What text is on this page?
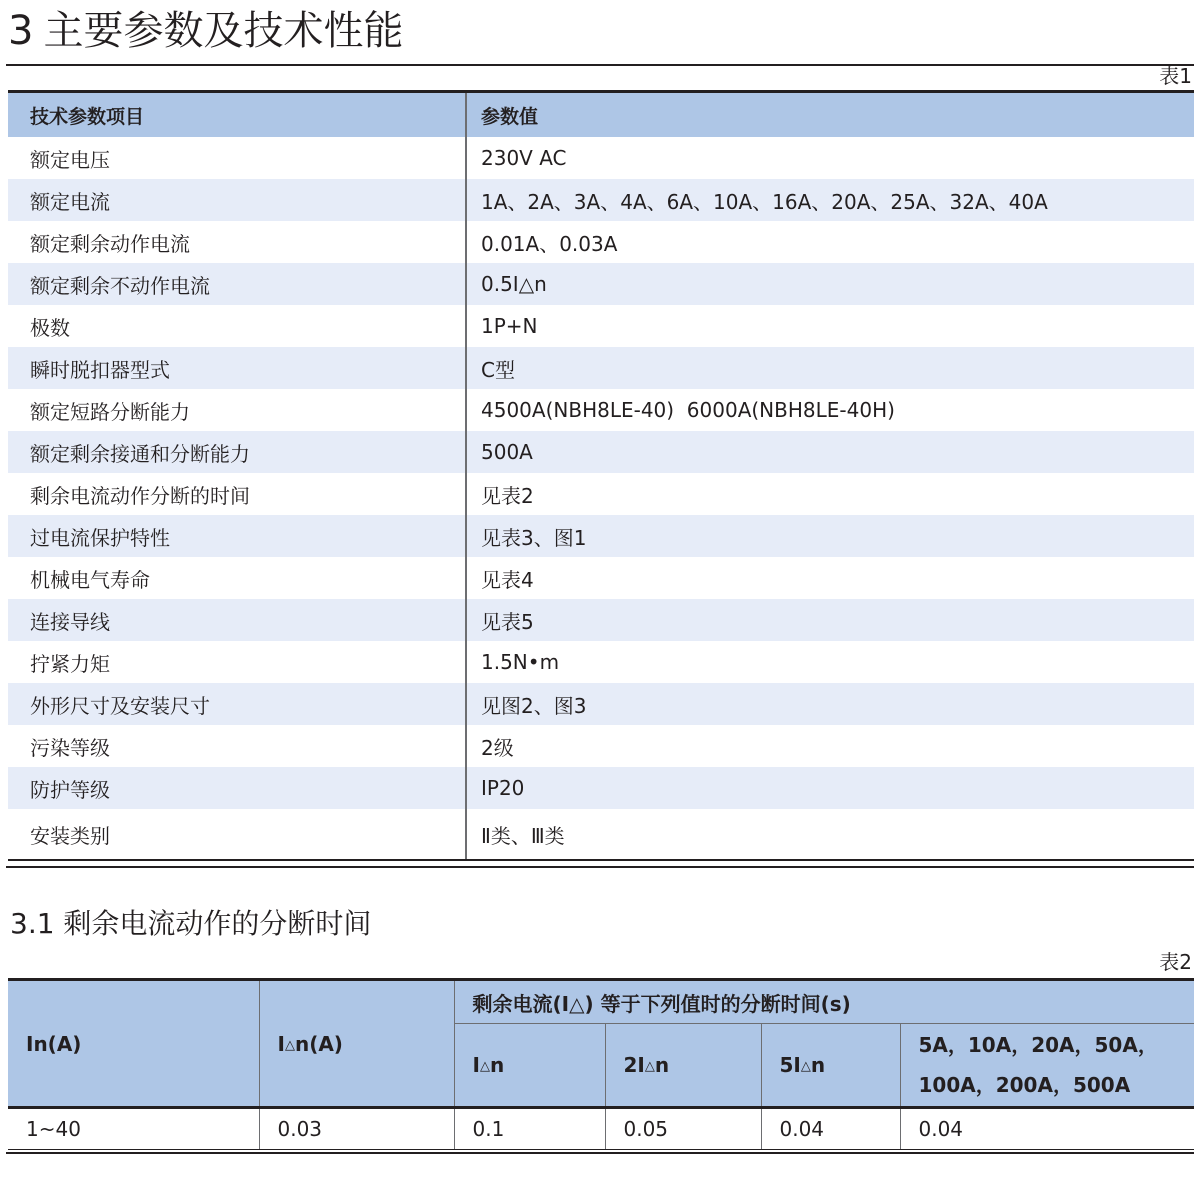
3 主要参数及技术性能
表1
技术参数项目	参数值
额定电压	230V AC
额定电流	1A、2A、3A、4A、6A、10A、16A、20A、25A、32A、40A
额定剩余动作电流	0.01A、0.03A
额定剩余不动作电流	0.5I△n
极数	1P+N
瞬时脱扣器型式	C型
额定短路分断能力	4500A(NBH8LE-40)  6000A(NBH8LE-40H)
额定剩余接通和分断能力	500A
剩余电流动作分断的时间	见表2
过电流保护特性	见表3、图1
机械电气寿命	见表4
连接导线	见表5
拧紧力矩	1.5N•m
外形尺寸及安装尺寸	见图2、图3
污染等级	2级
防护等级	IP20
安装类别	Ⅱ类、Ⅲ类
3.1 剩余电流动作的分断时间
表2
In(A)	I△n(A)	剩余电流(I△) 等于下列值时的分断时间(s)			
		I△n	2I△n	5I△n	5A，10A，20A，50A，
100A，200A，500A

1~40	0.03	0.1	0.05	0.04	0.04
